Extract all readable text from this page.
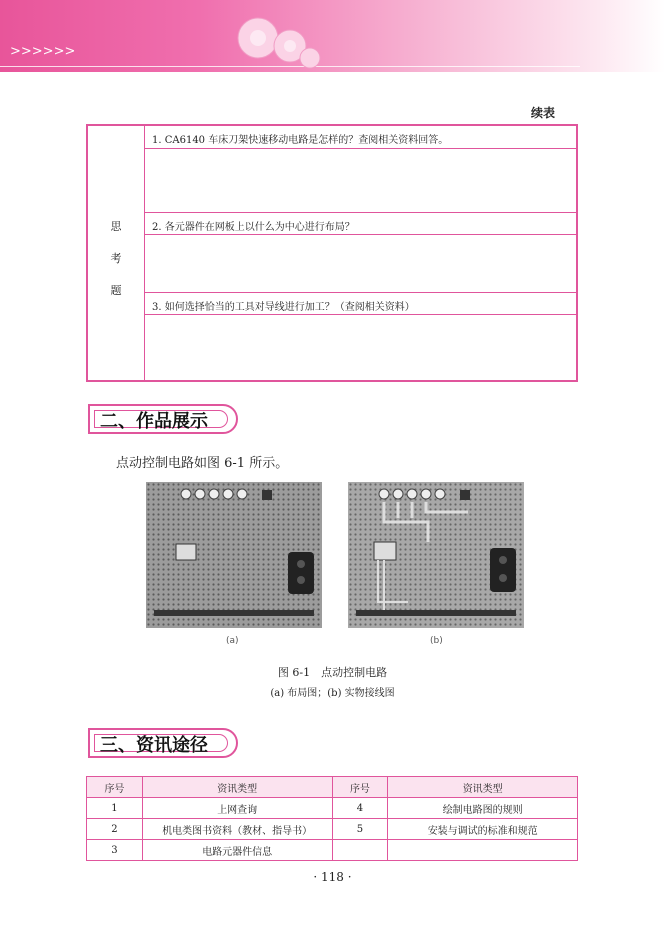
>>>>>>
续表
思
考
题
1. CA6140 车床刀架快速移动电路是怎样的？查阅相关资料回答。
2. 各元器件在网板上以什么为中心进行布局？
3. 如何选择恰当的工具对导线进行加工？（查阅相关资料）
二、作品展示
点动控制电路如图 6-1 所示。
(a)	(b)
图 6-1　点动控制电路
(a) 布局图；(b) 实物接线图
三、资讯途径
序号	资讯类型	序号	资讯类型
1	上网查询	4	绘制电路图的规则
2	机电类图书资料（教材、指导书）	5	安装与调试的标准和规范
3	电路元器件信息		
· 118 ·
